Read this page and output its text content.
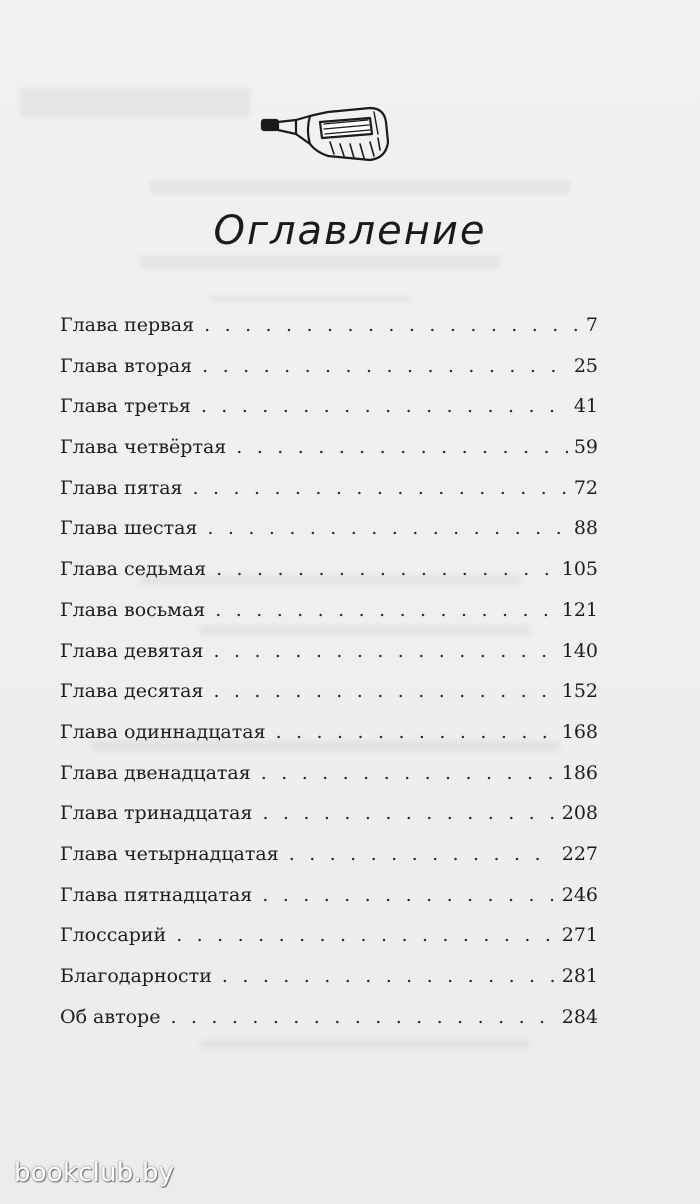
Оглавление
Глава первая . . .	7
Глава вторая . . .	25
Глава третья . . .	41
Глава четвёртая . . .	59
Глава пятая . . .	72
Глава шестая . . .	88
Глава седьмая . . .	105
Глава восьмая . . .	121
Глава девятая . . .	140
Глава десятая . . .	152
Глава одиннадцатая . . .	168
Глава двенадцатая . . .	186
Глава тринадцатая . . .	208
Глава четырнадцатая . . .	227
Глава пятнадцатая . . .	246
Глоссарий . . .	271
Благодарности . . .	281
Об авторе . . .	284
bookclub.by
